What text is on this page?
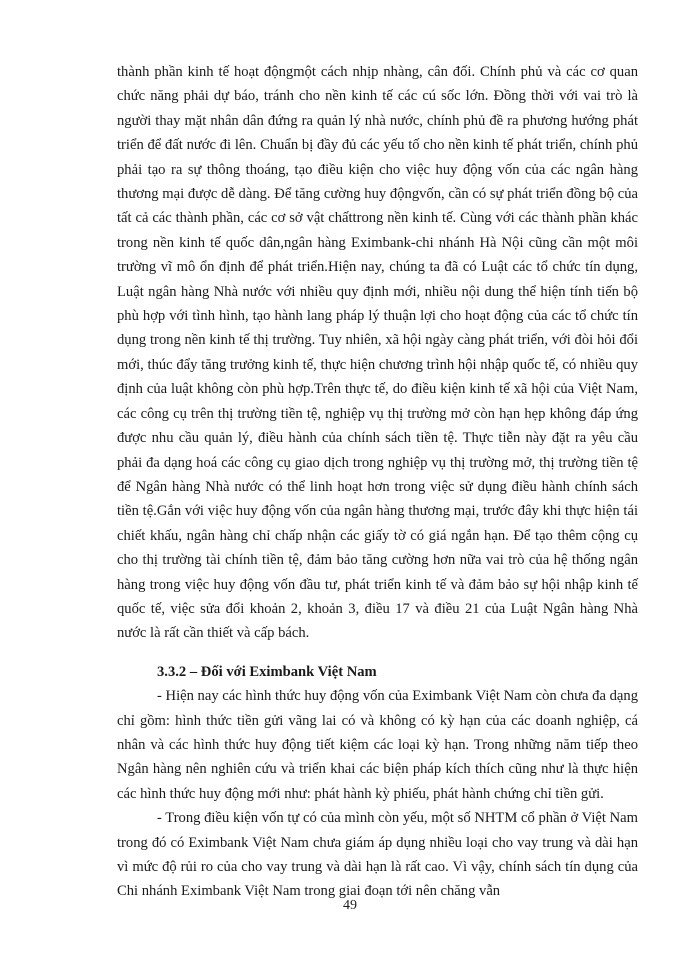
thành phần kinh tế hoạt độngmột cách nhịp nhàng, cân đối. Chính phủ và các cơ quan chức năng phải dự báo, tránh cho nền kinh tế các cú sốc lớn. Đồng thời với vai trò là người thay mặt nhân dân đứng ra quản lý nhà nước, chính phủ đề ra phương hướng phát triển để đất nước đi lên. Chuẩn bị đầy đủ các yếu tố cho nền kinh tế phát triển, chính phủ phải tạo ra sự thông thoáng, tạo điều kiện cho việc huy động vốn của các ngân hàng thương mại được dễ dàng. Để tăng cường huy độngvốn, cần có sự phát triển đồng bộ của tất cả các thành phần, các cơ sở vật chấttrong nền kinh tế. Cùng với các thành phần khác trong nền kinh tế quốc dân,ngân hàng Eximbank-chi nhánh Hà Nội cũng cần một môi trường vĩ mô ổn định để phát triển.Hiện nay, chúng ta đã có Luật các tổ chức tín dụng, Luật ngân hàng Nhà nước với nhiều quy định mới, nhiều nội dung thể hiện tính tiến bộ phù hợp với tình hình, tạo hành lang pháp lý thuận lợi cho hoạt động của các tổ chức tín dụng trong nền kinh tế thị trường. Tuy nhiên, xã hội ngày càng phát triển, với đòi hỏi đổi mới, thúc đẩy tăng trưởng kinh tế, thực hiện chương trình hội nhập quốc tế, có nhiều quy định của luật không còn phù hợp.Trên thực tế, do điều kiện kinh tế xã hội của Việt Nam, các công cụ trên thị trường tiền tệ, nghiệp vụ thị trường mở còn hạn hẹp không đáp ứng được nhu cầu quản lý, điều hành của chính sách tiền tệ. Thực tiễn này đặt ra yêu cầu phải đa dạng hoá các công cụ giao dịch trong nghiệp vụ thị trường mở, thị trường tiền tệ để Ngân hàng Nhà nước có thể linh hoạt hơn trong việc sử dụng điều hành chính sách tiền tệ.Gắn với việc huy động vốn của ngân hàng thương mại, trước đây khi thực hiện tái chiết khấu, ngân hàng chỉ chấp nhận các giấy tờ có giá ngắn hạn. Để tạo thêm cộng cụ cho thị trường tài chính tiền tệ, đảm bảo tăng cường hơn nữa vai trò của hệ thống ngân hàng trong việc huy động vốn đầu tư, phát triển kinh tế và đảm bảo sự hội nhập kinh tế quốc tế, việc sửa đổi khoản 2, khoản 3, điều 17 và điều 21 của Luật Ngân hàng Nhà nước là rất cần thiết và cấp bách.

3.3.2 – Đối với Eximbank Việt Nam

- Hiện nay các hình thức huy động vốn của Eximbank Việt Nam còn chưa đa dạng chỉ gồm: hình thức tiền gửi vãng lai có và không có kỳ hạn của các doanh nghiệp, cá nhân và các hình thức huy động tiết kiệm các loại kỳ hạn. Trong những năm tiếp theo Ngân hàng nên nghiên cứu và triển khai các biện pháp kích thích cũng như là thực hiện các hình thức huy động mới như: phát hành kỳ phiếu, phát hành chứng chỉ tiền gửi.

- Trong điều kiện vốn tự có của mình còn yếu, một số NHTM cổ phần ở Việt Nam trong đó có Eximbank Việt Nam chưa giám áp dụng nhiều loại cho vay trung và dài hạn vì mức độ rủi ro của cho vay trung và dài hạn là rất cao. Vì vậy, chính sách tín dụng của Chi nhánh Eximbank Việt Nam trong giai đoạn tới nên chăng vẫn

49
